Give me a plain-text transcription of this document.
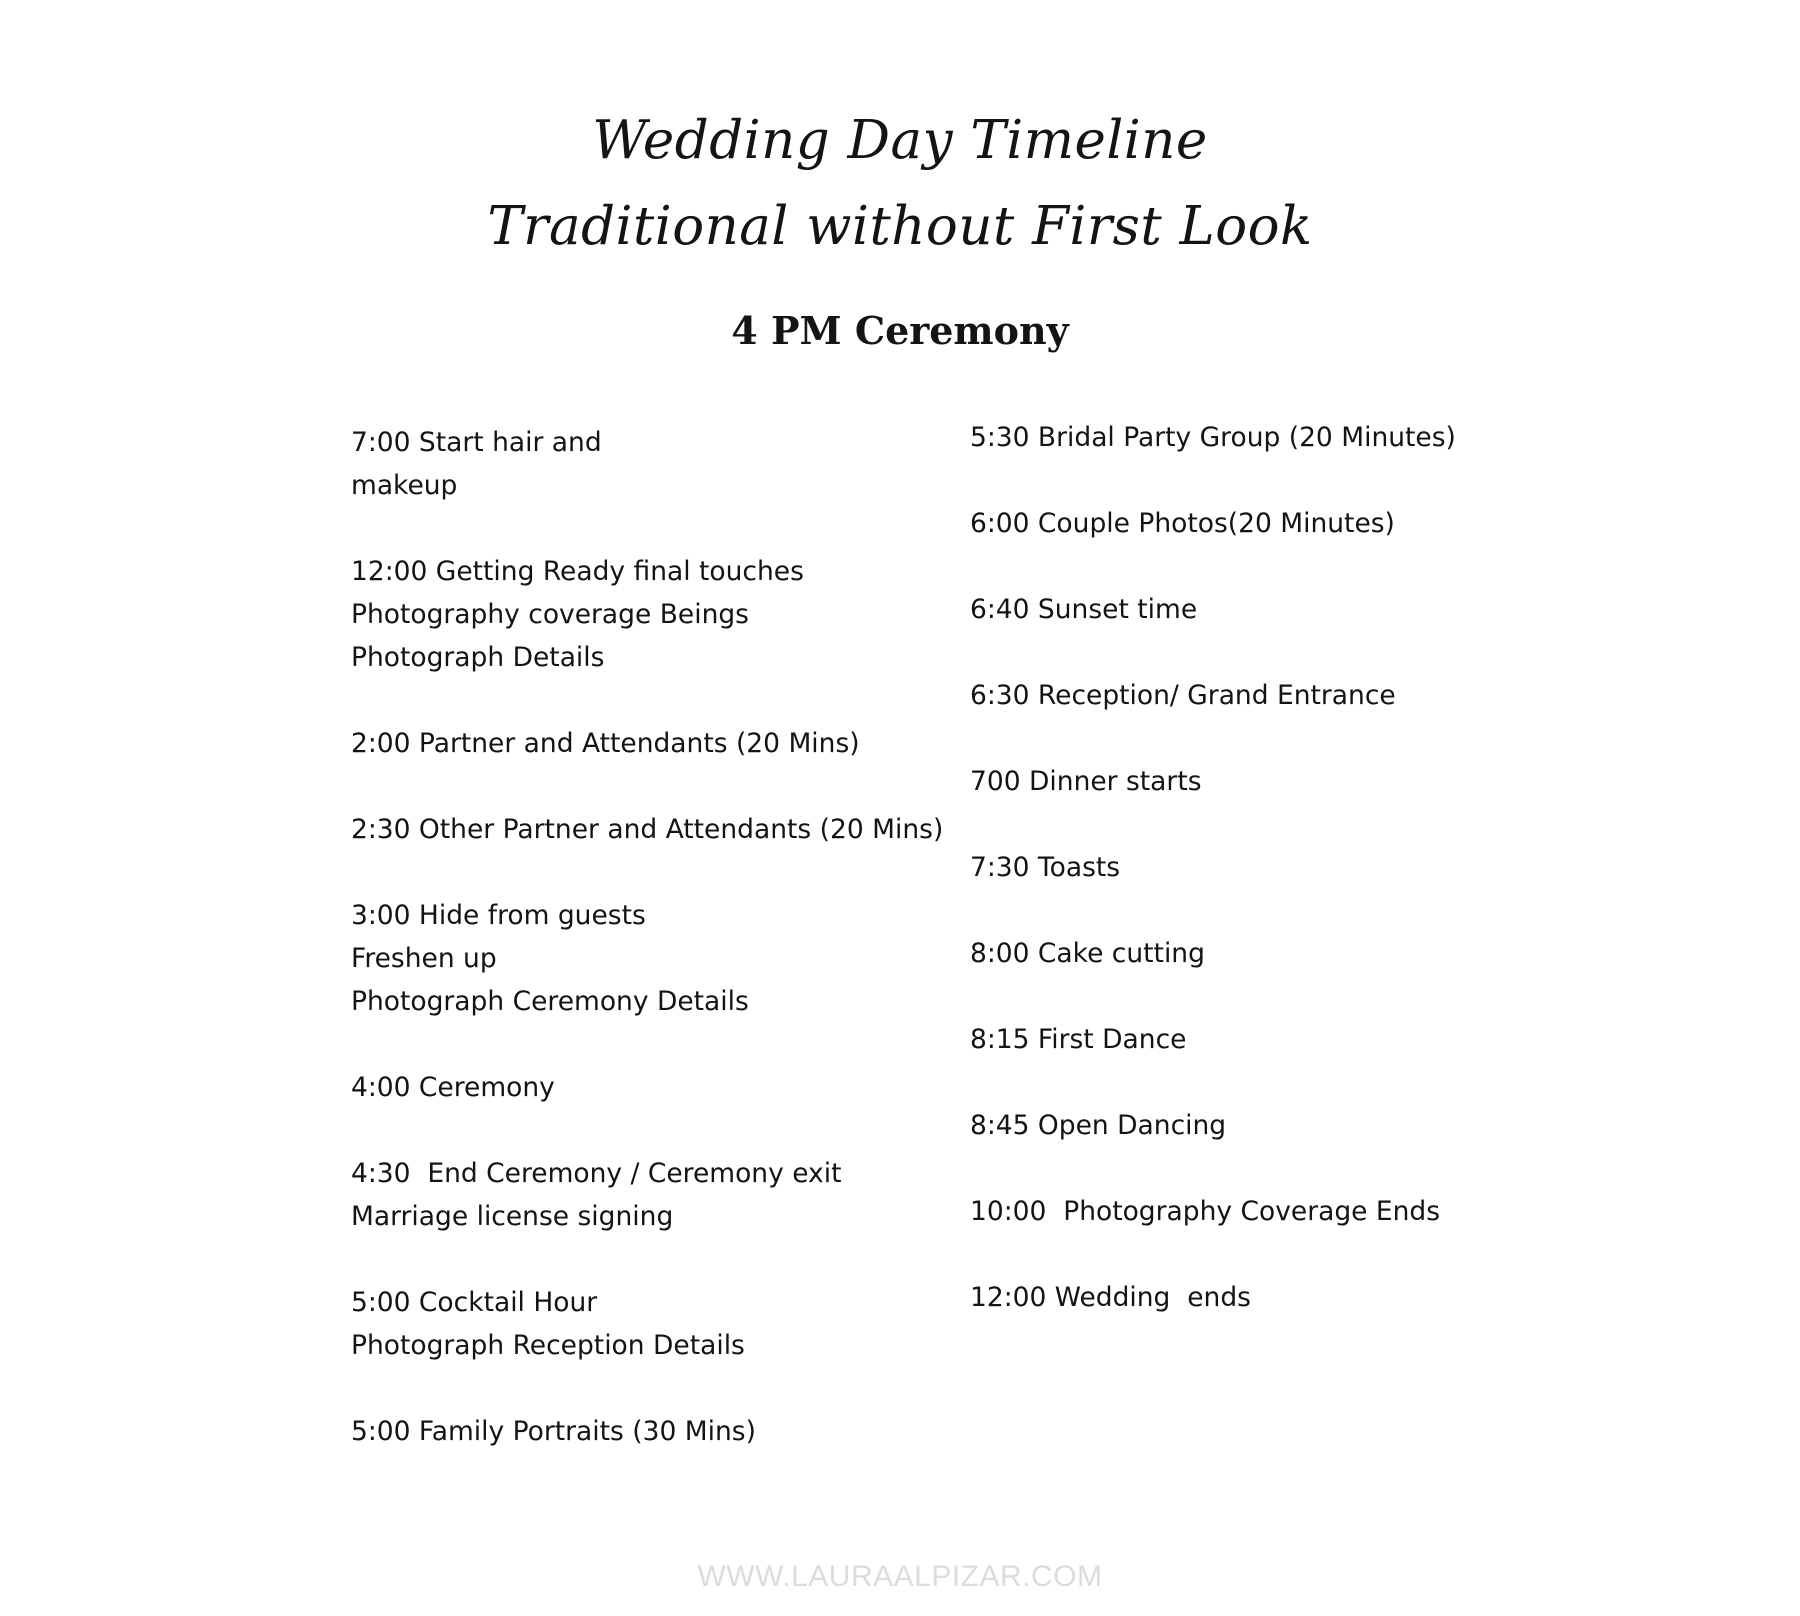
Wedding Day Timeline
Traditional without First Look
4 PM Ceremony
7:00 Start hair and
makeup
12:00 Getting Ready final touches
Photography coverage Beings
Photograph Details
2:00 Partner and Attendants (20 Mins)
2:30 Other Partner and Attendants (20 Mins)
3:00 Hide from guests
Freshen up
Photograph Ceremony Details
4:00 Ceremony
4:30  End Ceremony / Ceremony exit
Marriage license signing
5:00 Cocktail Hour
Photograph Reception Details
5:00 Family Portraits (30 Mins)
5:30 Bridal Party Group (20 Minutes)
6:00 Couple Photos(20 Minutes)
6:40 Sunset time
6:30 Reception/ Grand Entrance
700 Dinner starts
7:30 Toasts
8:00 Cake cutting
8:15 First Dance
8:45 Open Dancing
10:00  Photography Coverage Ends
12:00 Wedding  ends
WWW.LAURAALPIZAR.COM
